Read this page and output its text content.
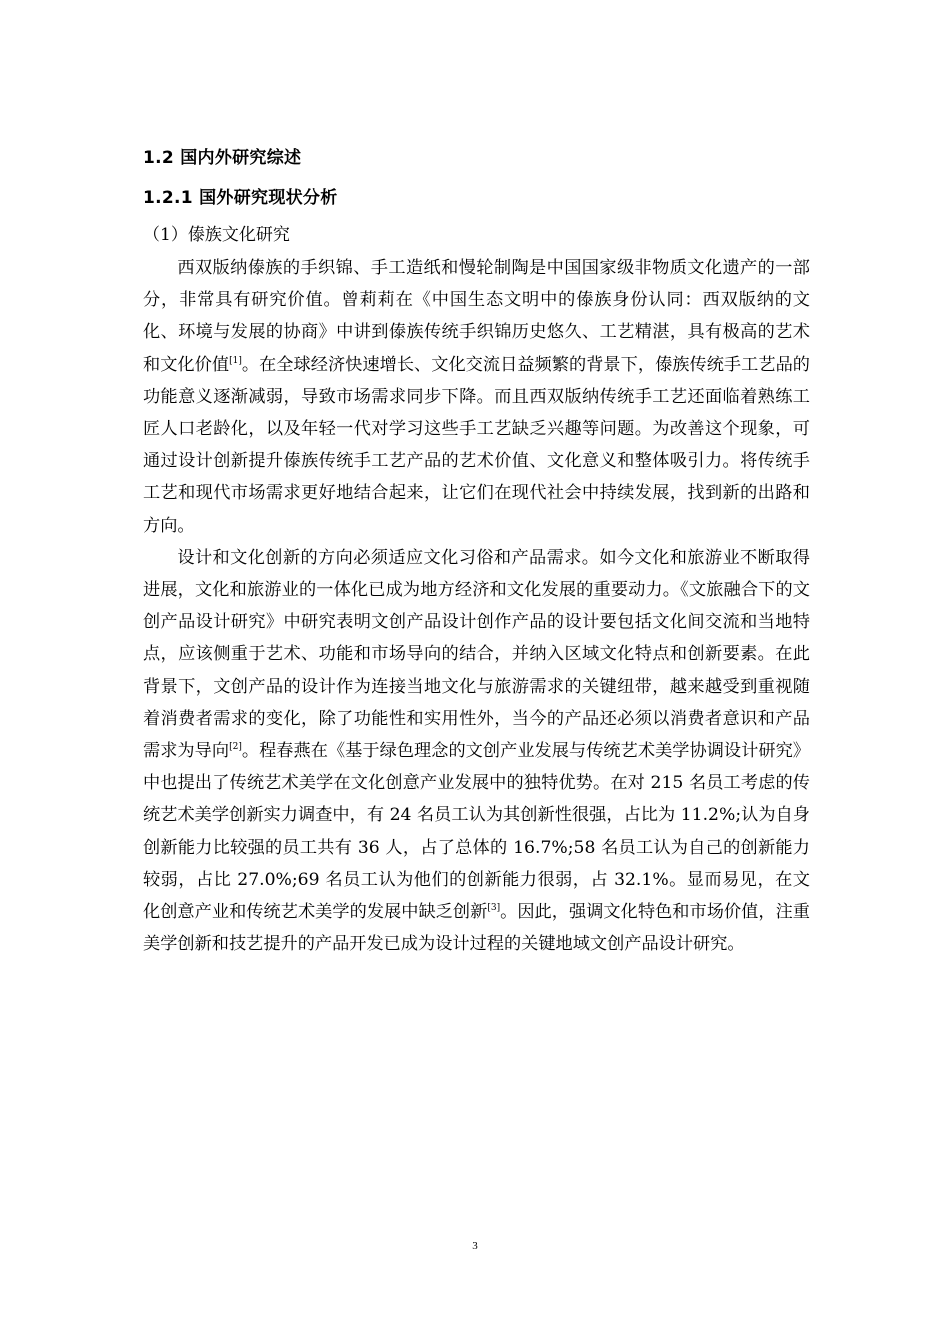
1.2 国内外研究综述

1.2.1 国外研究现状分析

（1）傣族文化研究

西双版纳傣族的手织锦、手工造纸和慢轮制陶是中国国家级非物质文化遗产的一部分，非常具有研究价值。曾莉莉在《中国生态文明中的傣族身份认同：西双版纳的文化、环境与发展的协商》中讲到傣族传统手织锦历史悠久、工艺精湛，具有极高的艺术和文化价值[1]。在全球经济快速增长、文化交流日益频繁的背景下，傣族传统手工艺品的功能意义逐渐减弱，导致市场需求同步下降。而且西双版纳传统手工艺还面临着熟练工匠人口老龄化，以及年轻一代对学习这些手工艺缺乏兴趣等问题。为改善这个现象，可通过设计创新提升傣族传统手工艺产品的艺术价值、文化意义和整体吸引力。将传统手工艺和现代市场需求更好地结合起来，让它们在现代社会中持续发展，找到新的出路和方向。

设计和文化创新的方向必须适应文化习俗和产品需求。如今文化和旅游业不断取得进展，文化和旅游业的一体化已成为地方经济和文化发展的重要动力。《文旅融合下的文创产品设计研究》中研究表明文创产品设计创作产品的设计要包括文化间交流和当地特点，应该侧重于艺术、功能和市场导向的结合，并纳入区域文化特点和创新要素。在此背景下，文创产品的设计作为连接当地文化与旅游需求的关键纽带，越来越受到重视随着消费者需求的变化，除了功能性和实用性外，当今的产品还必须以消费者意识和产品需求为导向[2]。程春燕在《基于绿色理念的文创产业发展与传统艺术美学协调设计研究》中也提出了传统艺术美学在文化创意产业发展中的独特优势。在对 215 名员工考虑的传统艺术美学创新实力调查中，有 24 名员工认为其创新性很强，占比为 11.2%;认为自身创新能力比较强的员工共有 36 人，占了总体的 16.7%;58 名员工认为自己的创新能力较弱，占比 27.0%;69 名员工认为他们的创新能力很弱，占 32.1%。显而易见，在文化创意产业和传统艺术美学的发展中缺乏创新[3]。因此，强调文化特色和市场价值，注重美学创新和技艺提升的产品开发已成为设计过程的关键地域文创产品设计研究。

3
